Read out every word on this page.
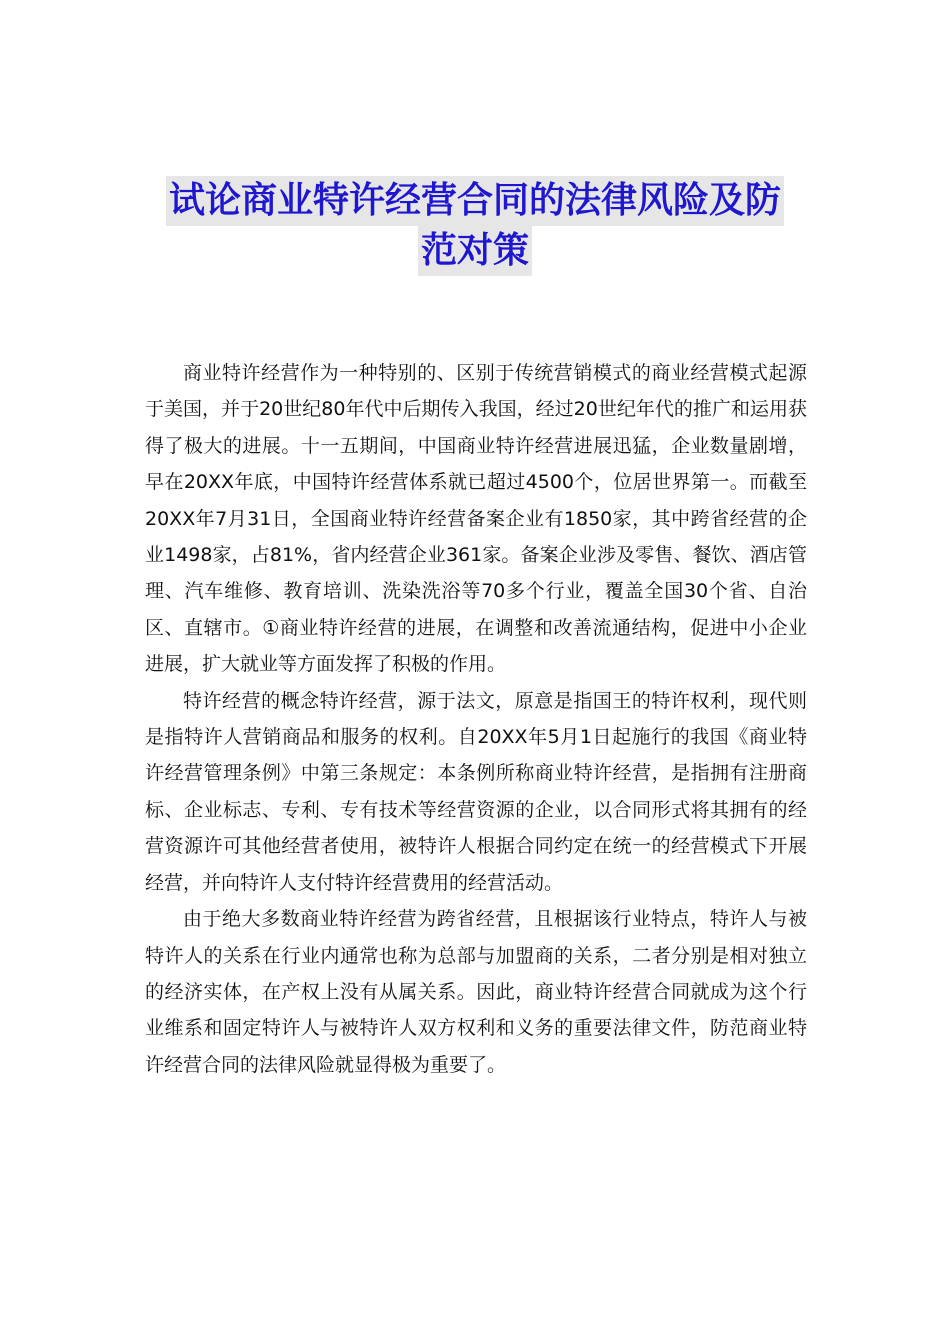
试论商业特许经营合同的法律风险及防
范对策

商业特许经营作为一种特别的、区别于传统营销模式的商业经营模式起源于美国，并于20世纪80年代中后期传入我国，经过20世纪年代的推广和运用获得了极大的进展。十一五期间，中国商业特许经营进展迅猛，企业数量剧增，早在20XX年底，中国特许经营体系就已超过4500个，位居世界第一。而截至20XX年7月31日，全国商业特许经营备案企业有1850家，其中跨省经营的企业1498家，占81%，省内经营企业361家。备案企业涉及零售、餐饮、酒店管理、汽车维修、教育培训、洗染洗浴等70多个行业，覆盖全国30个省、自治区、直辖市。①商业特许经营的进展，在调整和改善流通结构，促进中小企业进展，扩大就业等方面发挥了积极的作用。

特许经营的概念特许经营，源于法文，原意是指国王的特许权利，现代则是指特许人营销商品和服务的权利。自20XX年5月1日起施行的我国《商业特许经营管理条例》中第三条规定：本条例所称商业特许经营，是指拥有注册商标、企业标志、专利、专有技术等经营资源的企业，以合同形式将其拥有的经营资源许可其他经营者使用，被特许人根据合同约定在统一的经营模式下开展经营，并向特许人支付特许经营费用的经营活动。

由于绝大多数商业特许经营为跨省经营，且根据该行业特点，特许人与被特许人的关系在行业内通常也称为总部与加盟商的关系，二者分别是相对独立的经济实体，在产权上没有从属关系。因此，商业特许经营合同就成为这个行业维系和固定特许人与被特许人双方权利和义务的重要法律文件，防范商业特许经营合同的法律风险就显得极为重要了。
